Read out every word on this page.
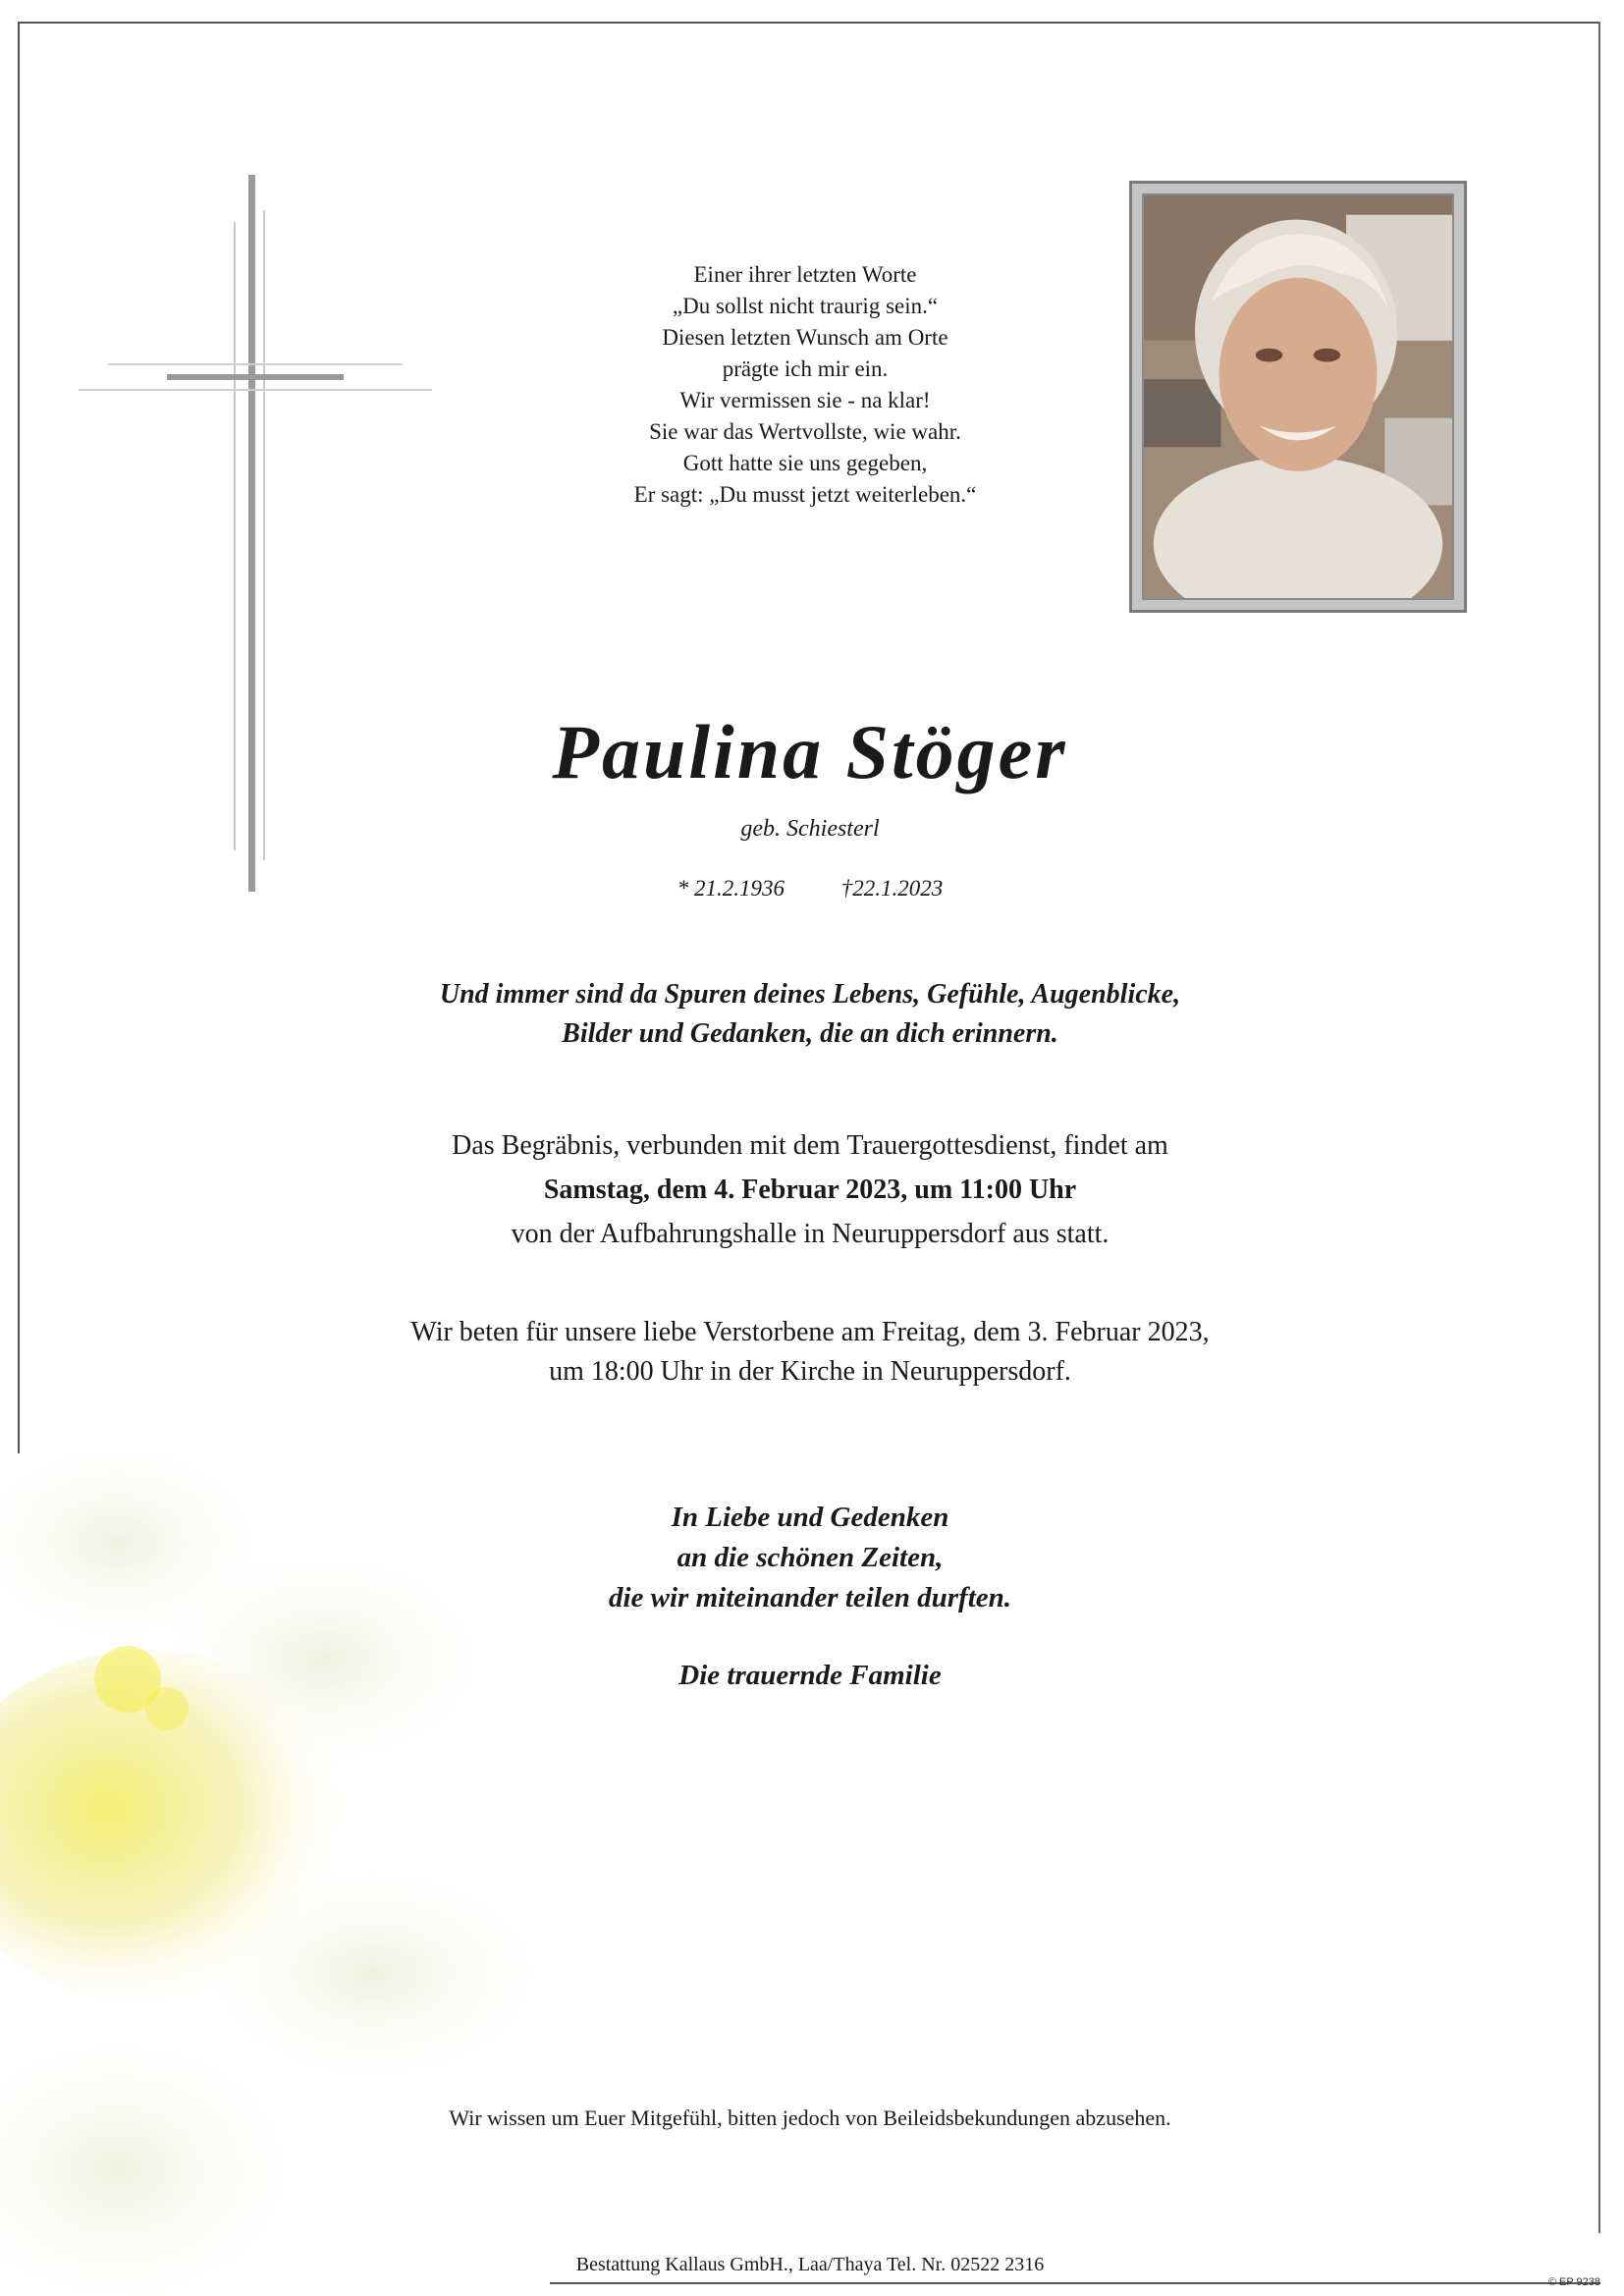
Einer ihrer letzten Worte
„Du sollst nicht traurig sein.“
Diesen letzten Wunsch am Orte
prägte ich mir ein.
Wir vermissen sie - na klar!
Sie war das Wertvollste, wie wahr.
Gott hatte sie uns gegeben,
Er sagt: „Du musst jetzt weiterleben.“
Paulina Stöger
geb. Schiesterl
* 21.2.1936	†22.1.2023
Und immer sind da Spuren deines Lebens, Gefühle, Augenblicke,
Bilder und Gedanken, die an dich erinnern.
Das Begräbnis, verbunden mit dem Trauergottesdienst, findet am
Samstag, dem 4. Februar 2023, um 11:00 Uhr
von der Aufbahrungshalle in Neuruppersdorf aus statt.
Wir beten für unsere liebe Verstorbene am Freitag, dem 3. Februar 2023,
um 18:00 Uhr in der Kirche in Neuruppersdorf.
In Liebe und Gedenken
an die schönen Zeiten,
die wir miteinander teilen durften.
Die trauernde Familie
Wir wissen um Euer Mitgefühl, bitten jedoch von Beileidsbekundungen abzusehen.
Bestattung Kallaus GmbH., Laa/Thaya Tel. Nr. 02522 2316
© EP 9238
